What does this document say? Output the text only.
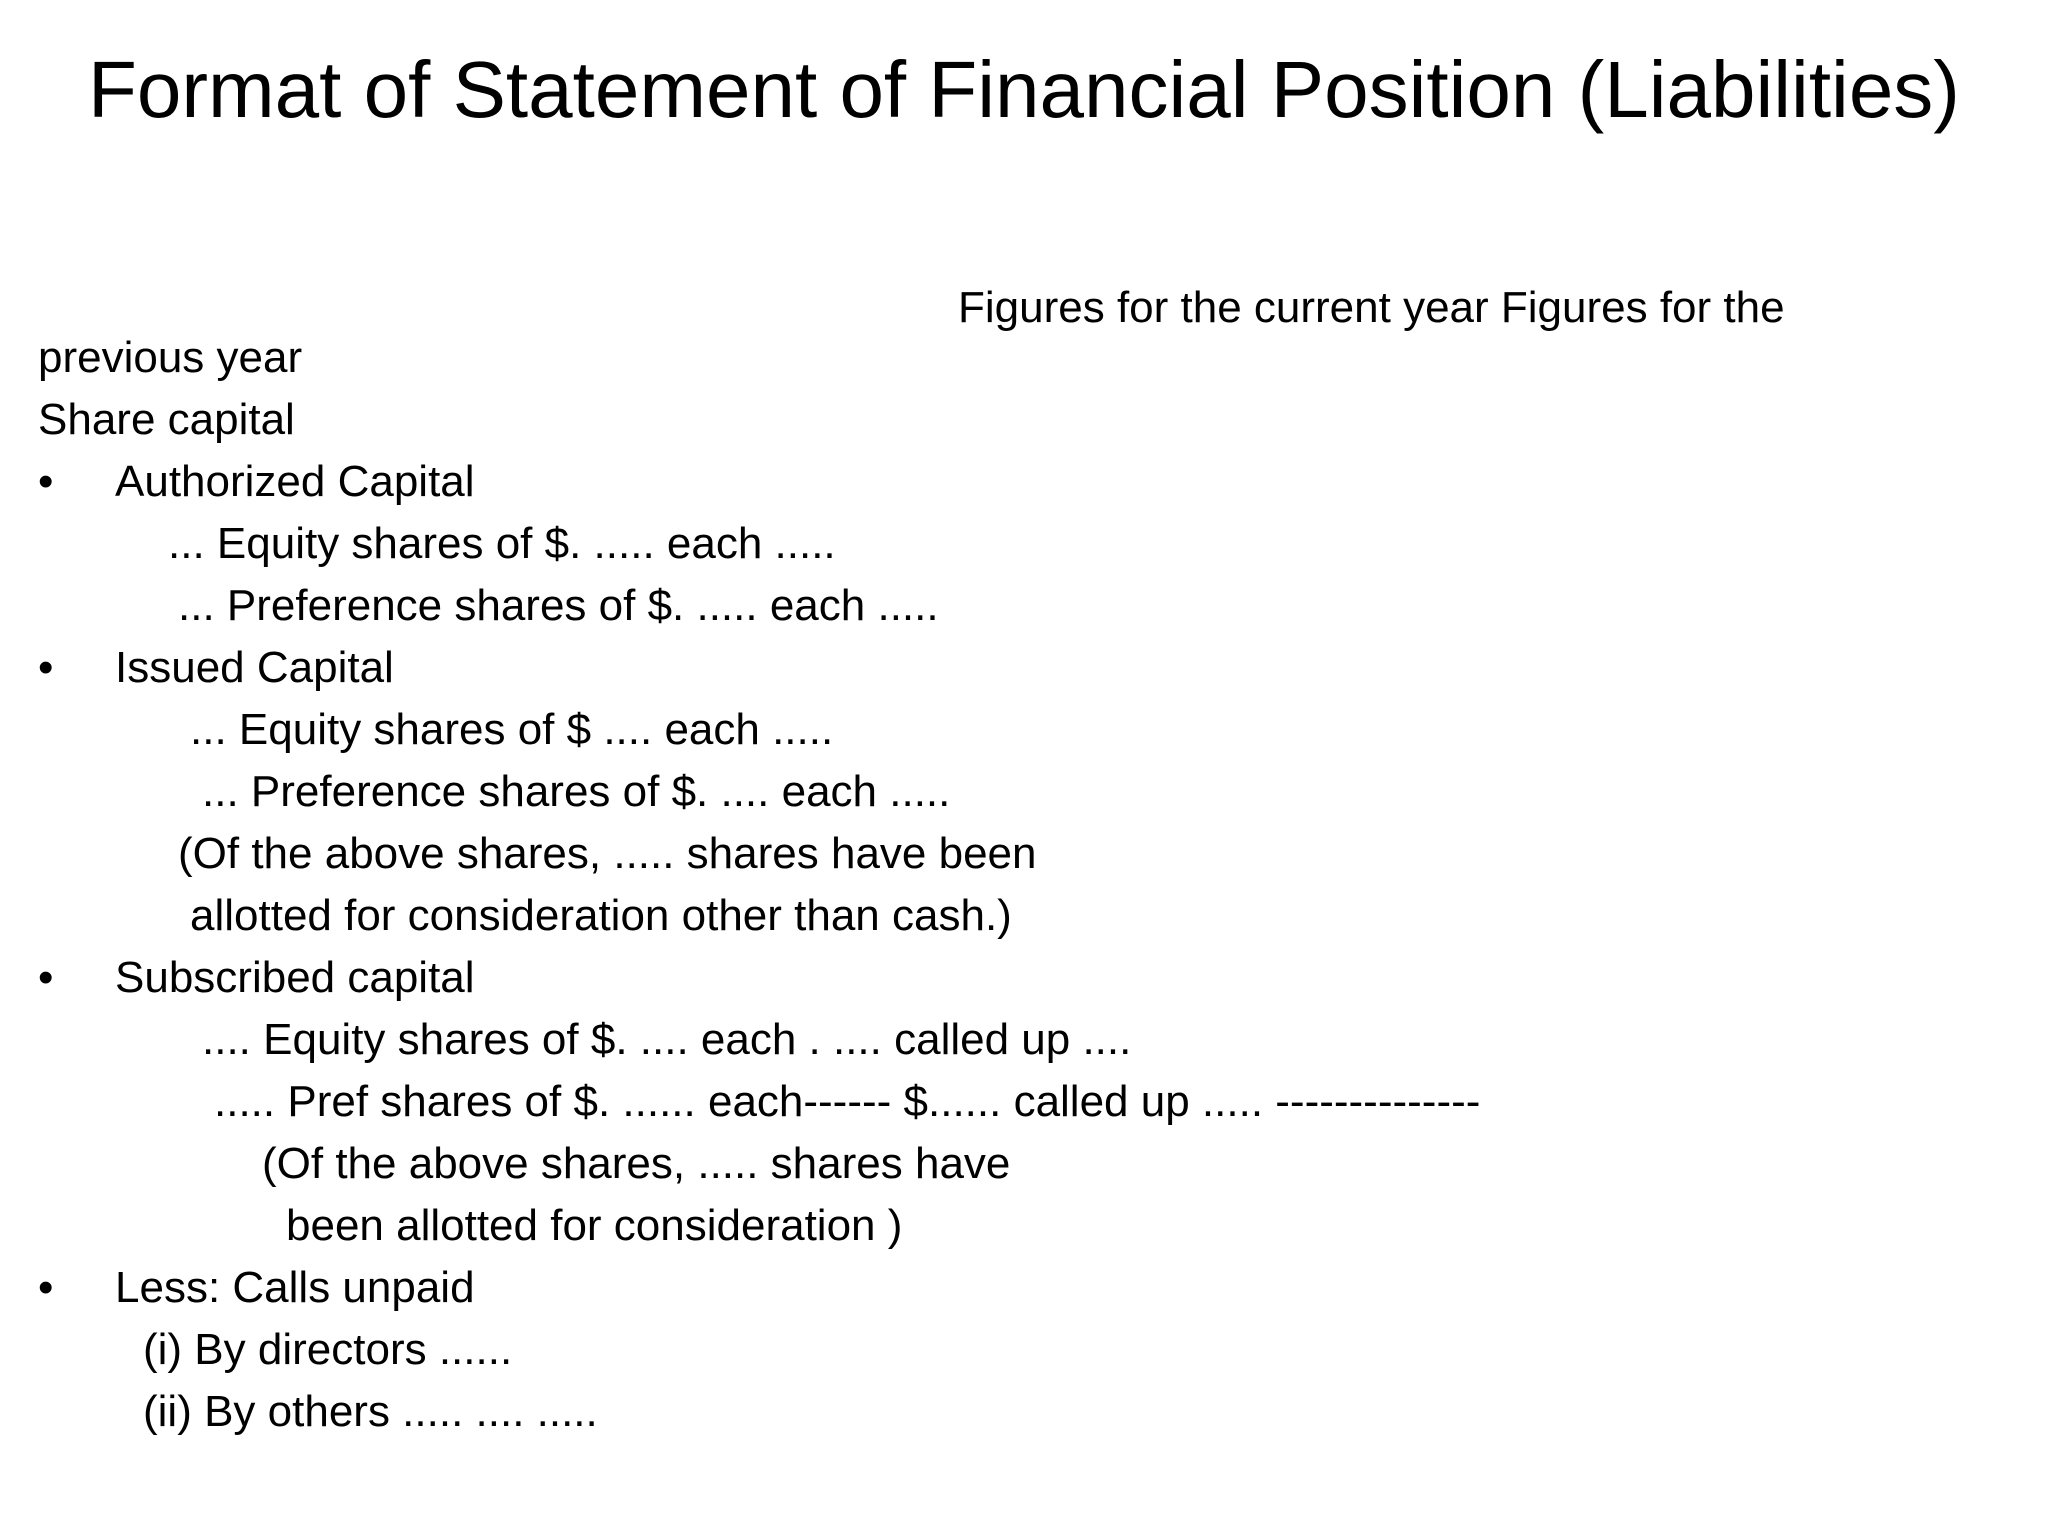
Format of Statement of Financial Position (Liabilities)
Figures for the current year Figures for the
previous year
Share capital
• Authorized Capital
... Equity shares of $. ..... each .....
... Preference shares of $. ..... each .....
• Issued Capital
... Equity shares of $ .... each .....
... Preference shares of $. .... each .....
(Of the above shares, ..... shares have been
allotted for consideration other than cash.)
• Subscribed capital
.... Equity shares of $. .... each . .... called up ....
..... Pref shares of $. ...... each------ $...... called up ..... --------------
(Of the above shares, ..... shares have
been allotted for consideration )
• Less: Calls unpaid
(i) By directors ......
(ii) By others ..... .... .....
